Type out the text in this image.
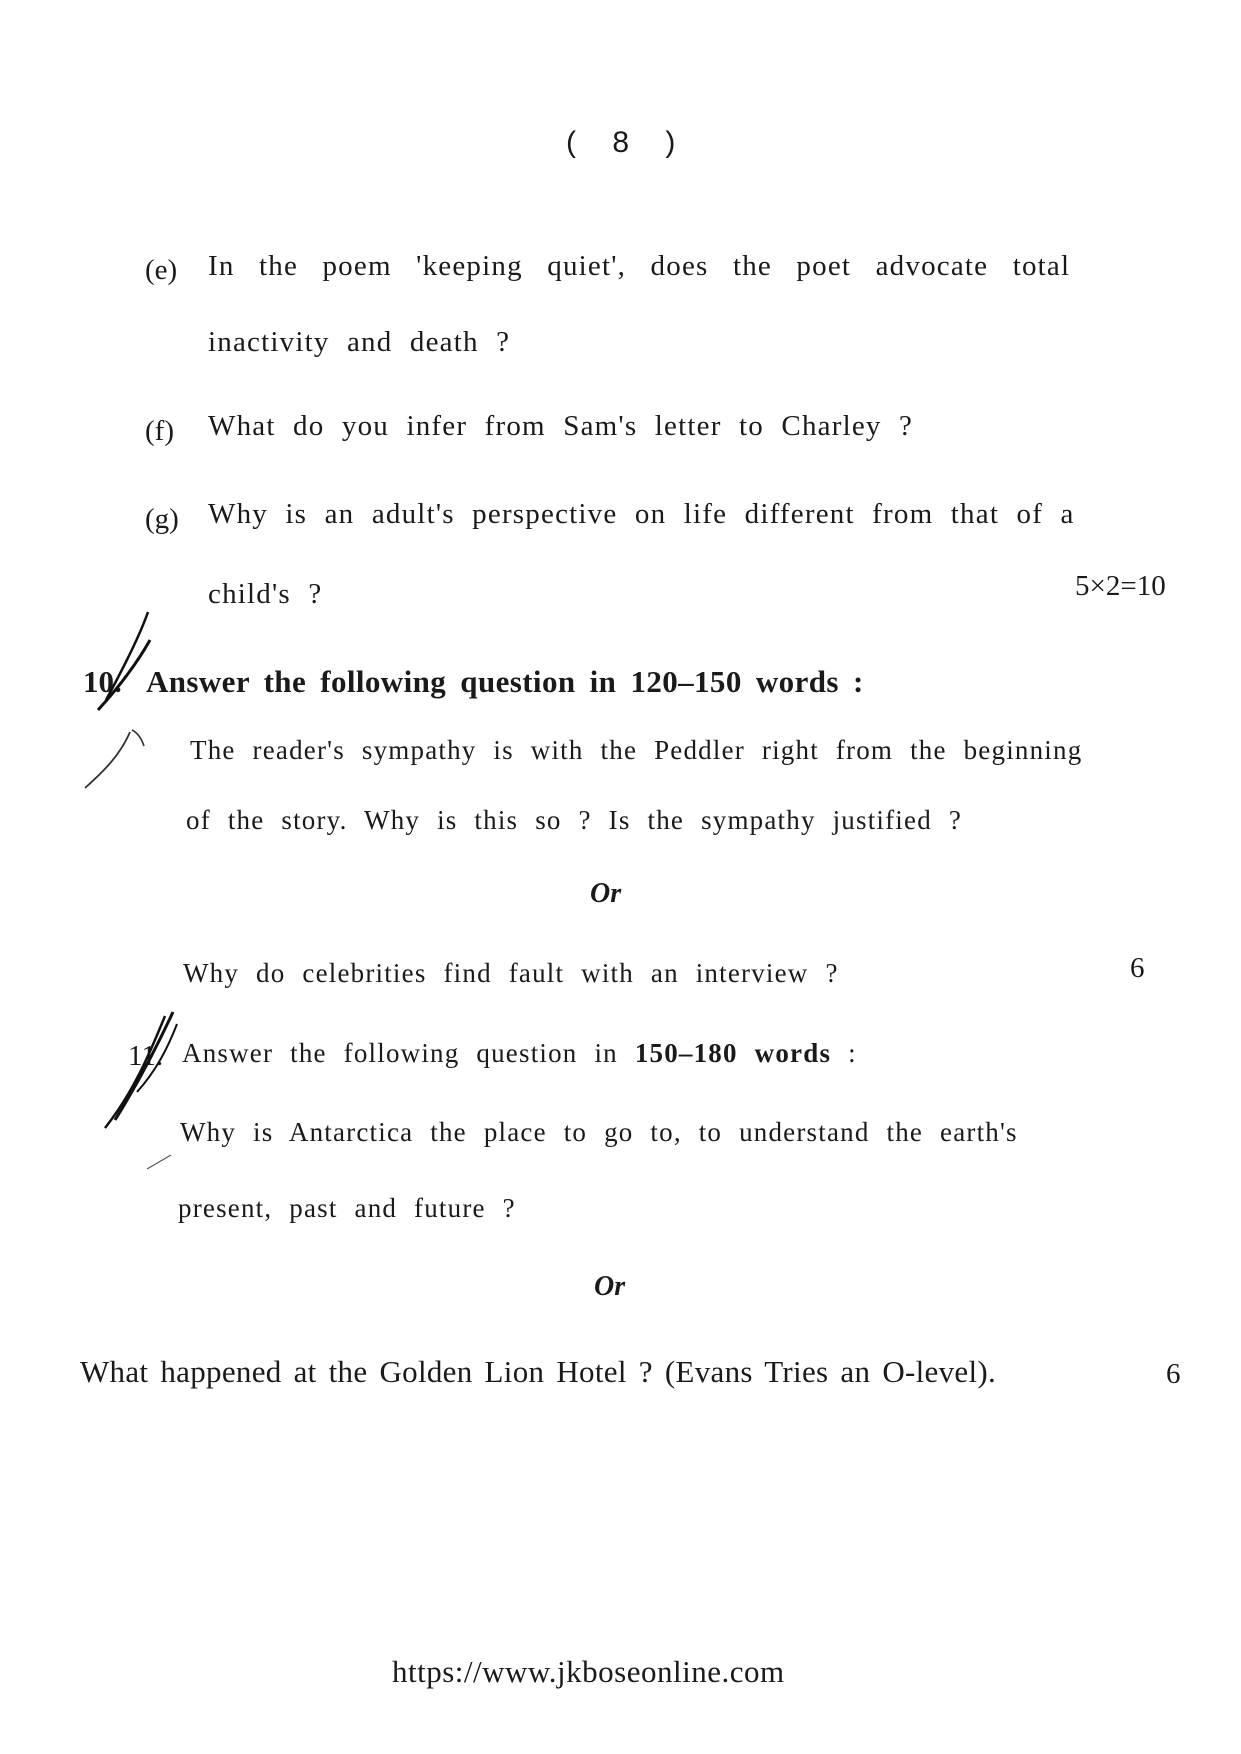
( 8 )
(e) In the poem 'keeping quiet', does the poet advocate total
inactivity and death ?
(f) What do you infer from Sam's letter to Charley ?
(g) Why is an adult's perspective on life different from that of a
child's ?	5×2=10
10. Answer the following question in 120–150 words :
The reader's sympathy is with the Peddler right from the beginning
of the story. Why is this so ? Is the sympathy justified ?
Or
Why do celebrities find fault with an interview ?	6
11. Answer the following question in 150–180 words :
Why is Antarctica the place to go to, to understand the earth's
present, past and future ?
Or
What happened at the Golden Lion Hotel ? (Evans Tries an O-level).	6
https://www.jkboseonline.com
